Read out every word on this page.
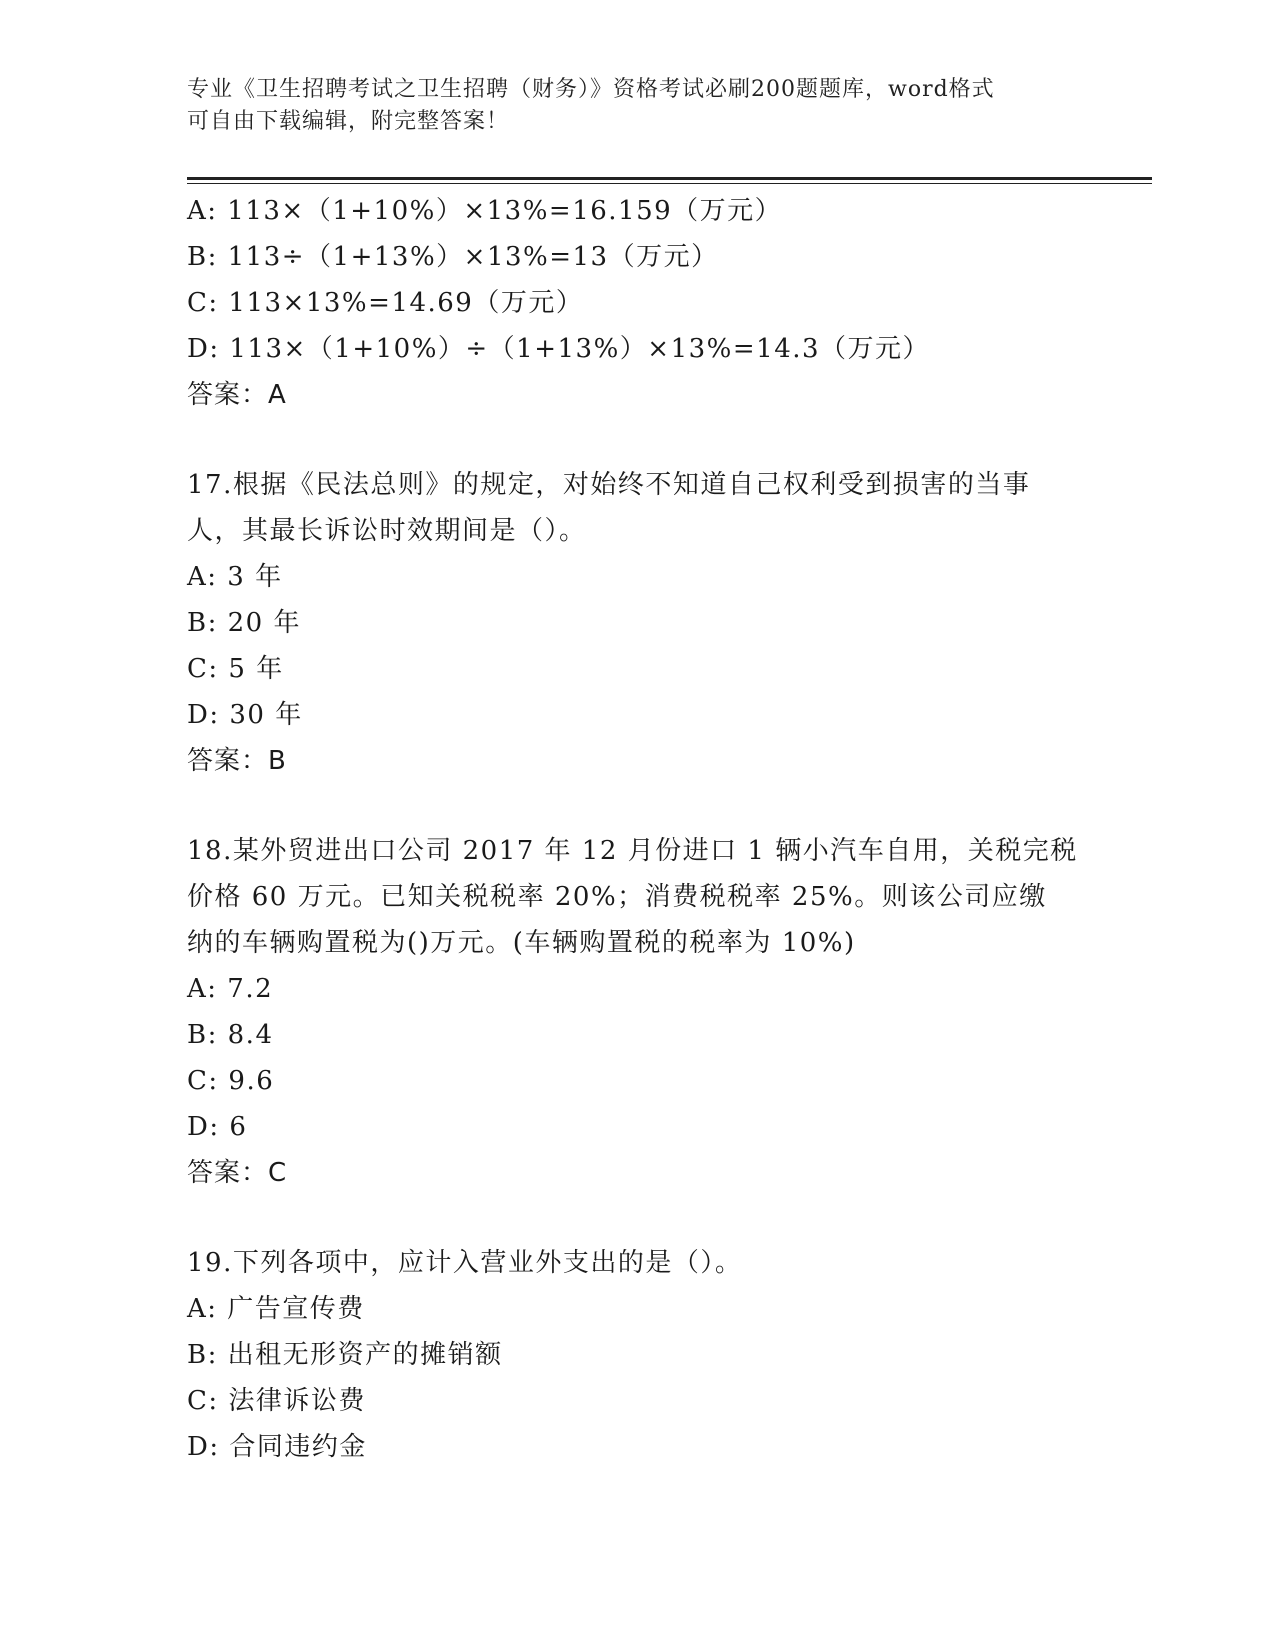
专业《卫生招聘考试之卫生招聘（财务）》资格考试必刷200题题库，word格式
可自由下载编辑，附完整答案！
A: 113×（1+10%）×13%=16.159（万元）
B: 113÷（1+13%）×13%=13（万元）
C: 113×13%=14.69（万元）
D: 113×（1+10%）÷（1+13%）×13%=14.3（万元）
答案：A
17.根据《民法总则》的规定，对始终不知道自己权利受到损害的当事
人，其最长诉讼时效期间是（）。
A: 3 年
B: 20 年
C: 5 年
D: 30 年
答案：B
18.某外贸进出口公司 2017 年 12 月份进口 1 辆小汽车自用，关税完税
价格 60 万元。已知关税税率 20%；消费税税率 25%。则该公司应缴
纳的车辆购置税为()万元。(车辆购置税的税率为 10%)
A: 7.2
B: 8.4
C: 9.6
D: 6
答案：C
19.下列各项中，应计入营业外支出的是（）。
A: 广告宣传费
B: 出租无形资产的摊销额
C: 法律诉讼费
D: 合同违约金
